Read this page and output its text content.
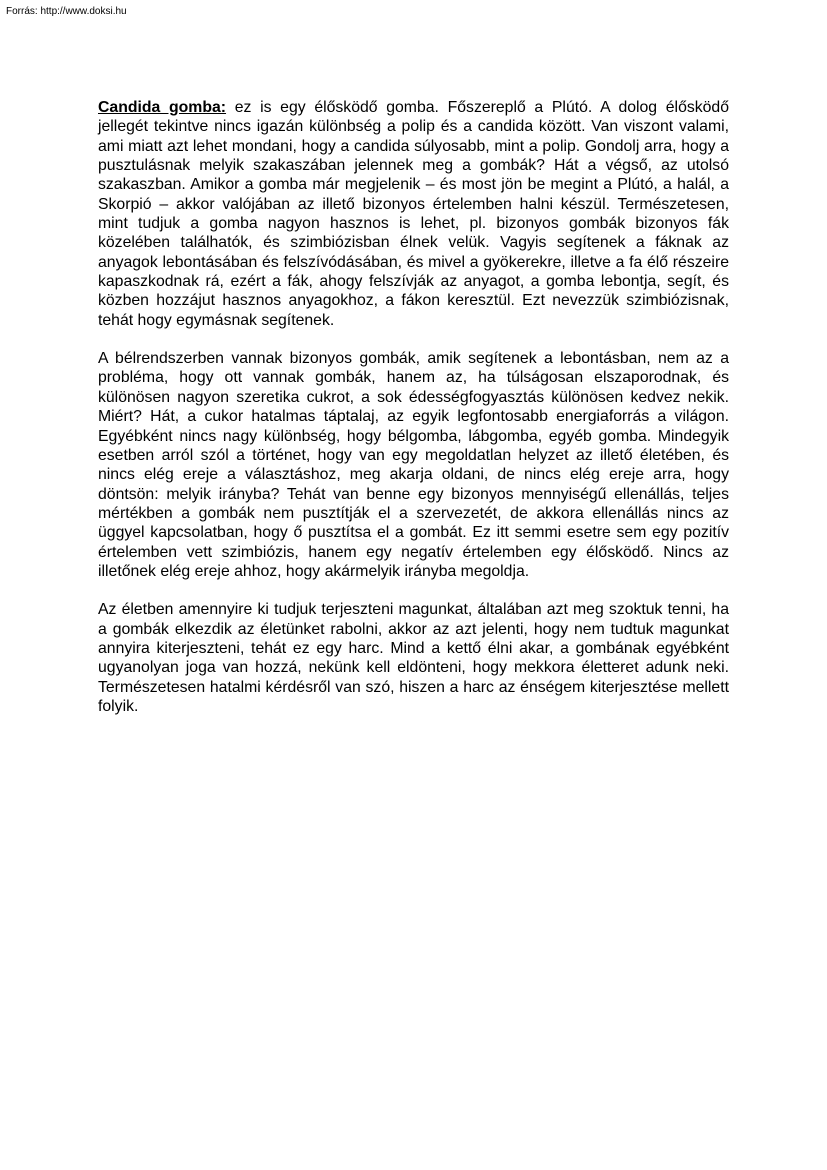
Forrás: http://www.doksi.hu

Candida gomba: ez is egy élősködő gomba. Főszereplő a Plútó. A dolog élősködő jellegét tekintve nincs igazán különbség a polip és a candida között. Van viszont valami, ami miatt azt lehet mondani, hogy a candida súlyosabb, mint a polip. Gondolj arra, hogy a pusztulásnak melyik szakaszában jelennek meg a gombák? Hát a végső, az utolsó szakaszban. Amikor a gomba már megjelenik – és most jön be megint a Plútó, a halál, a Skorpió – akkor valójában az illető bizonyos értelemben halni készül. Természetesen, mint tudjuk a gomba nagyon hasznos is lehet, pl. bizonyos gombák bizonyos fák közelében találhatók, és szimbiózisban élnek velük. Vagyis segítenek a fáknak az anyagok lebontásában és felszívódásában, és mivel a gyökerekre, illetve a fa élő részeire kapaszkodnak rá, ezért a fák, ahogy felszívják az anyagot, a gomba lebontja, segít, és közben hozzájut hasznos anyagokhoz, a fákon keresztül. Ezt nevezzük szimbiózisnak, tehát hogy egymásnak segítenek.

A bélrendszerben vannak bizonyos gombák, amik segítenek a lebontásban, nem az a probléma, hogy ott vannak gombák, hanem az, ha túlságosan elszaporodnak, és különösen nagyon szeretika cukrot, a sok édességfogyasztás különösen kedvez nekik. Miért? Hát, a cukor hatalmas táptalaj, az egyik legfontosabb energiaforrás a világon. Egyébként nincs nagy különbség, hogy bélgomba, lábgomba, egyéb gomba. Mindegyik esetben arról szól a történet, hogy van egy megoldatlan helyzet az illető életében, és nincs elég ereje a választáshoz, meg akarja oldani, de nincs elég ereje arra, hogy döntsön: melyik irányba? Tehát van benne egy bizonyos mennyiségű ellenállás, teljes mértékben a gombák nem pusztítják el a szervezetét, de akkora ellenállás nincs az üggyel kapcsolatban, hogy ő pusztítsa el a gombát. Ez itt semmi esetre sem egy pozitív értelemben vett szimbiózis, hanem egy negatív értelemben egy élősködő. Nincs az illetőnek elég ereje ahhoz, hogy akármelyik irányba megoldja.

Az életben amennyire ki tudjuk terjeszteni magunkat, általában azt meg szoktuk tenni, ha a gombák elkezdik az életünket rabolni, akkor az azt jelenti, hogy nem tudtuk magunkat annyira kiterjeszteni, tehát ez egy harc. Mind a kettő élni akar, a gombának egyébként ugyanolyan joga van hozzá, nekünk kell eldönteni, hogy mekkora életteret adunk neki. Természetesen hatalmi kérdésről van szó, hiszen a harc az énségem kiterjesztése mellett folyik.
